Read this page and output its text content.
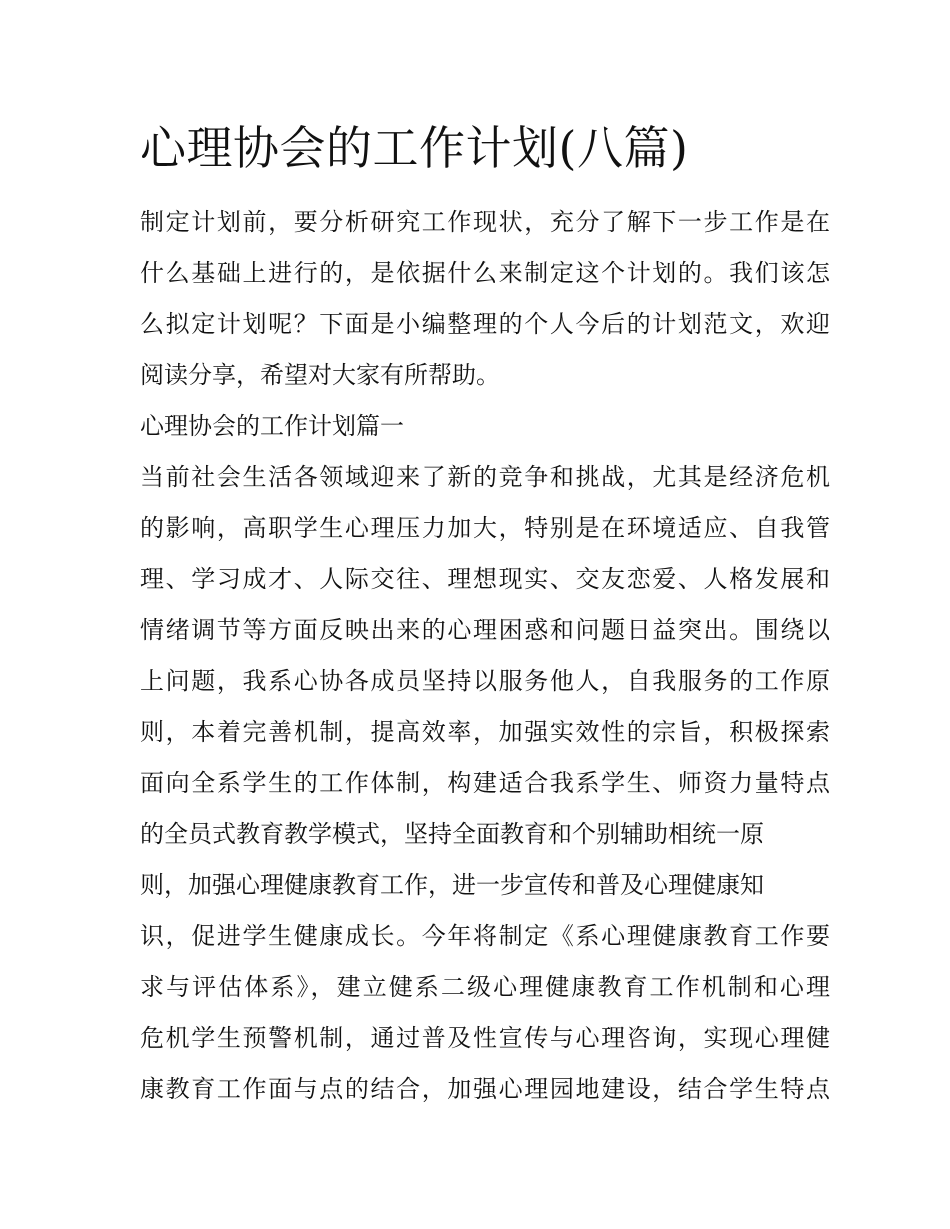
心理协会的工作计划(八篇)

制定计划前，要分析研究工作现状，充分了解下一步工作是在

什么基础上进行的，是依据什么来制定这个计划的。我们该怎

么拟定计划呢？下面是小编整理的个人今后的计划范文，欢迎

阅读分享，希望对大家有所帮助。

心理协会的工作计划篇一

当前社会生活各领域迎来了新的竞争和挑战，尤其是经济危机

的影响，高职学生心理压力加大，特别是在环境适应、自我管

理、学习成才、人际交往、理想现实、交友恋爱、人格发展和

情绪调节等方面反映出来的心理困惑和问题日益突出。围绕以

上问题，我系心协各成员坚持以服务他人，自我服务的工作原

则，本着完善机制，提高效率，加强实效性的宗旨，积极探索

面向全系学生的工作体制，构建适合我系学生、师资力量特点

的全员式教育教学模式，坚持全面教育和个别辅助相统一原

则，加强心理健康教育工作，进一步宣传和普及心理健康知

识，促进学生健康成长。今年将制定《系心理健康教育工作要

求与评估体系》，建立健系二级心理健康教育工作机制和心理

危机学生预警机制，通过普及性宣传与心理咨询，实现心理健

康教育工作面与点的结合，加强心理园地建设，结合学生特点
